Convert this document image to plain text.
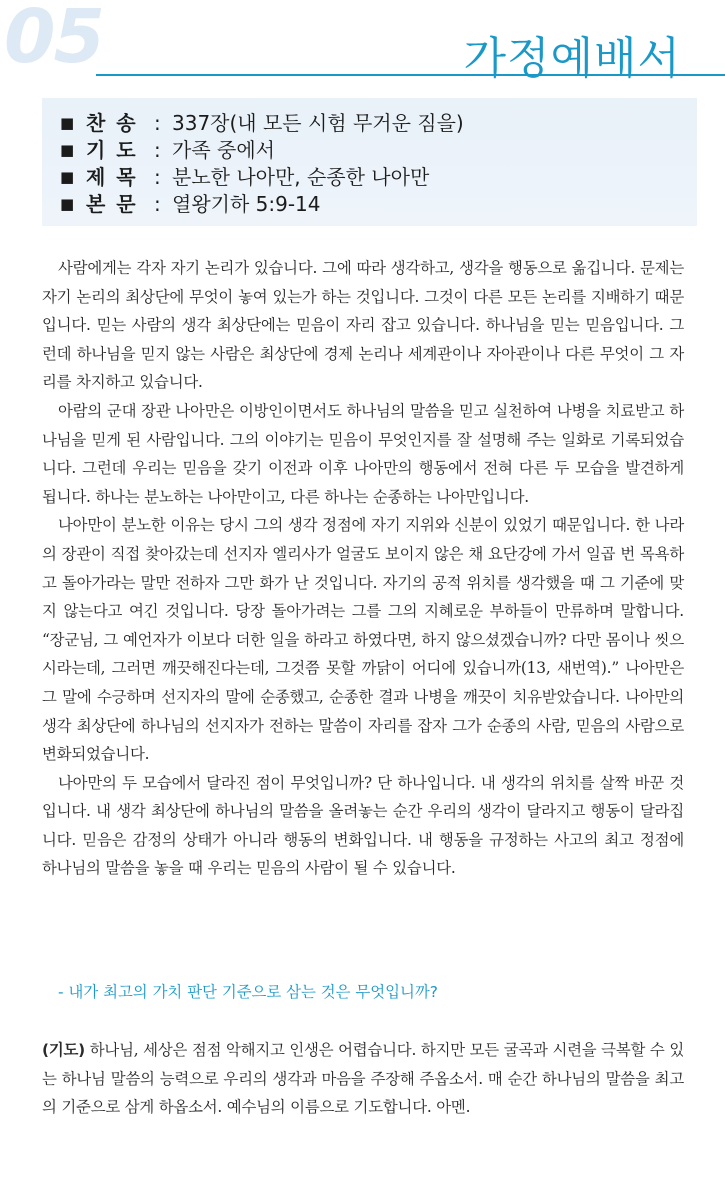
05	가정예배서
■ 찬 송 : 337장(내 모든 시험 무거운 짐을)
■ 기 도 : 가족 중에서
■ 제 목 : 분노한 나아만, 순종한 나아만
■ 본 문 : 열왕기하 5:9-14

사람에게는 각자 자기 논리가 있습니다. 그에 따라 생각하고, 생각을 행동으로 옮깁니다. 문제는 자기 논리의 최상단에 무엇이 놓여 있는가 하는 것입니다. 그것이 다른 모든 논리를 지배하기 때문입니다. 믿는 사람의 생각 최상단에는 믿음이 자리 잡고 있습니다. 하나님을 믿는 믿음입니다. 그런데 하나님을 믿지 않는 사람은 최상단에 경제 논리나 세계관이나 자아관이나 다른 무엇이 그 자리를 차지하고 있습니다.

아람의 군대 장관 나아만은 이방인이면서도 하나님의 말씀을 믿고 실천하여 나병을 치료받고 하나님을 믿게 된 사람입니다. 그의 이야기는 믿음이 무엇인지를 잘 설명해 주는 일화로 기록되었습니다. 그런데 우리는 믿음을 갖기 이전과 이후 나아만의 행동에서 전혀 다른 두 모습을 발견하게 됩니다. 하나는 분노하는 나아만이고, 다른 하나는 순종하는 나아만입니다.

나아만이 분노한 이유는 당시 그의 생각 정점에 자기 지위와 신분이 있었기 때문입니다. 한 나라의 장관이 직접 찾아갔는데 선지자 엘리사가 얼굴도 보이지 않은 채 요단강에 가서 일곱 번 목욕하고 돌아가라는 말만 전하자 그만 화가 난 것입니다. 자기의 공적 위치를 생각했을 때 그 기준에 맞지 않는다고 여긴 것입니다. 당장 돌아가려는 그를 그의 지혜로운 부하들이 만류하며 말합니다. “장군님, 그 예언자가 이보다 더한 일을 하라고 하였다면, 하지 않으셨겠습니까? 다만 몸이나 씻으시라는데, 그러면 깨끗해진다는데, 그것쯤 못할 까닭이 어디에 있습니까(13, 새번역).” 나아만은 그 말에 수긍하며 선지자의 말에 순종했고, 순종한 결과 나병을 깨끗이 치유받았습니다. 나아만의 생각 최상단에 하나님의 선지자가 전하는 말씀이 자리를 잡자 그가 순종의 사람, 믿음의 사람으로 변화되었습니다.

나아만의 두 모습에서 달라진 점이 무엇입니까? 단 하나입니다. 내 생각의 위치를 살짝 바꾼 것입니다. 내 생각 최상단에 하나님의 말씀을 올려놓는 순간 우리의 생각이 달라지고 행동이 달라집니다. 믿음은 감정의 상태가 아니라 행동의 변화입니다. 내 행동을 규정하는 사고의 최고 정점에 하나님의 말씀을 놓을 때 우리는 믿음의 사람이 될 수 있습니다.

- 내가 최고의 가치 판단 기준으로 삼는 것은 무엇입니까?

(기도) 하나님, 세상은 점점 악해지고 인생은 어렵습니다. 하지만 모든 굴곡과 시련을 극복할 수 있는 하나님 말씀의 능력으로 우리의 생각과 마음을 주장해 주옵소서. 매 순간 하나님의 말씀을 최고의 기준으로 삼게 하옵소서. 예수님의 이름으로 기도합니다. 아멘.
